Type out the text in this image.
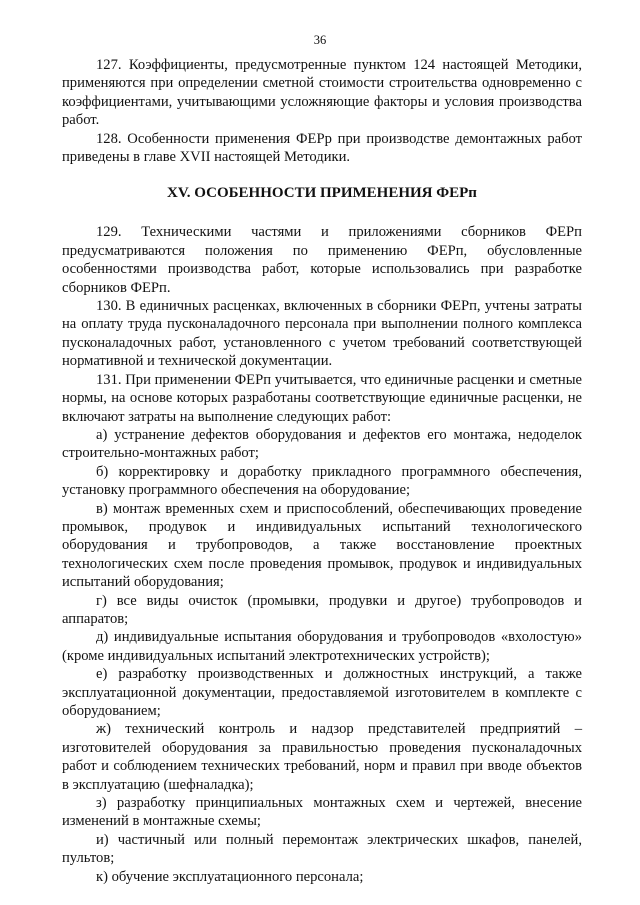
36

127. Коэффициенты, предусмотренные пунктом 124 настоящей Методики, применяются при определении сметной стоимости строительства одновременно с коэффициентами, учитывающими усложняющие факторы и условия производства работ.

128. Особенности применения ФЕРр при производстве демонтажных работ приведены в главе XVII настоящей Методики.

XV. ОСОБЕННОСТИ ПРИМЕНЕНИЯ ФЕРп

129. Техническими частями и приложениями сборников ФЕРп предусматриваются положения по применению ФЕРп, обусловленные особенностями производства работ, которые использовались при разработке сборников ФЕРп.

130. В единичных расценках, включенных в сборники ФЕРп, учтены затраты на оплату труда пусконаладочного персонала при выполнении полного комплекса пусконаладочных работ, установленного с учетом требований соответствующей нормативной и технической документации.

131. При применении ФЕРп учитывается, что единичные расценки и сметные нормы, на основе которых разработаны соответствующие единичные расценки, не включают затраты на выполнение следующих работ:

а) устранение дефектов оборудования и дефектов его монтажа, недоделок строительно-монтажных работ;

б) корректировку и доработку прикладного программного обеспечения, установку программного обеспечения на оборудование;

в) монтаж временных схем и приспособлений, обеспечивающих проведение промывок, продувок и индивидуальных испытаний технологического оборудования и трубопроводов, а также восстановление проектных технологических схем после проведения промывок, продувок и индивидуальных испытаний оборудования;

г) все виды очисток (промывки, продувки и другое) трубопроводов и аппаратов;

д) индивидуальные испытания оборудования и трубопроводов «вхолостую» (кроме индивидуальных испытаний электротехнических устройств);

е) разработку производственных и должностных инструкций, а также эксплуатационной документации, предоставляемой изготовителем в комплекте с оборудованием;

ж) технический контроль и надзор представителей предприятий – изготовителей оборудования за правильностью проведения пусконаладочных работ и соблюдением технических требований, норм и правил при вводе объектов в эксплуатацию (шефналадка);

з) разработку принципиальных монтажных схем и чертежей, внесение изменений в монтажные схемы;

и) частичный или полный перемонтаж электрических шкафов, панелей, пультов;

к) обучение эксплуатационного персонала;
